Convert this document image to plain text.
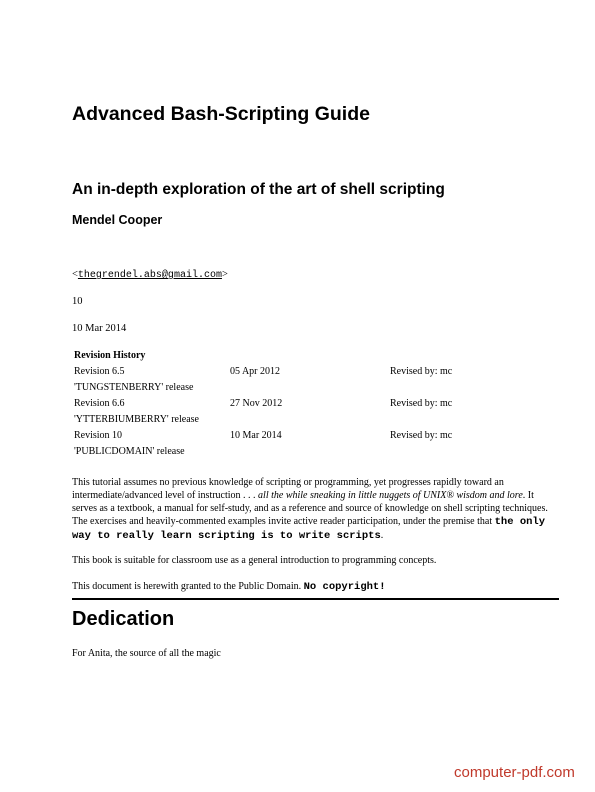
Advanced Bash-Scripting Guide
An in-depth exploration of the art of shell scripting
Mendel Cooper

<thegrendel.abs@gmail.com>

10

10 Mar 2014

Revision History
Revision 6.5	05 Apr 2012	Revised by: mc
'TUNGSTENBERRY' release
Revision 6.6	27 Nov 2012	Revised by: mc
'YTTERBIUMBERRY' release
Revision 10	10 Mar 2014	Revised by: mc
'PUBLICDOMAIN' release

This tutorial assumes no previous knowledge of scripting or programming, yet progresses rapidly toward an intermediate/advanced level of instruction . . . all the while sneaking in little nuggets of UNIX® wisdom and lore. It serves as a textbook, a manual for self-study, and as a reference and source of knowledge on shell scripting techniques. The exercises and heavily-commented examples invite active reader participation, under the premise that the only way to really learn scripting is to write scripts.

This book is suitable for classroom use as a general introduction to programming concepts.

This document is herewith granted to the Public Domain. No copyright!

Dedication

For Anita, the source of all the magic

computer-pdf.com
